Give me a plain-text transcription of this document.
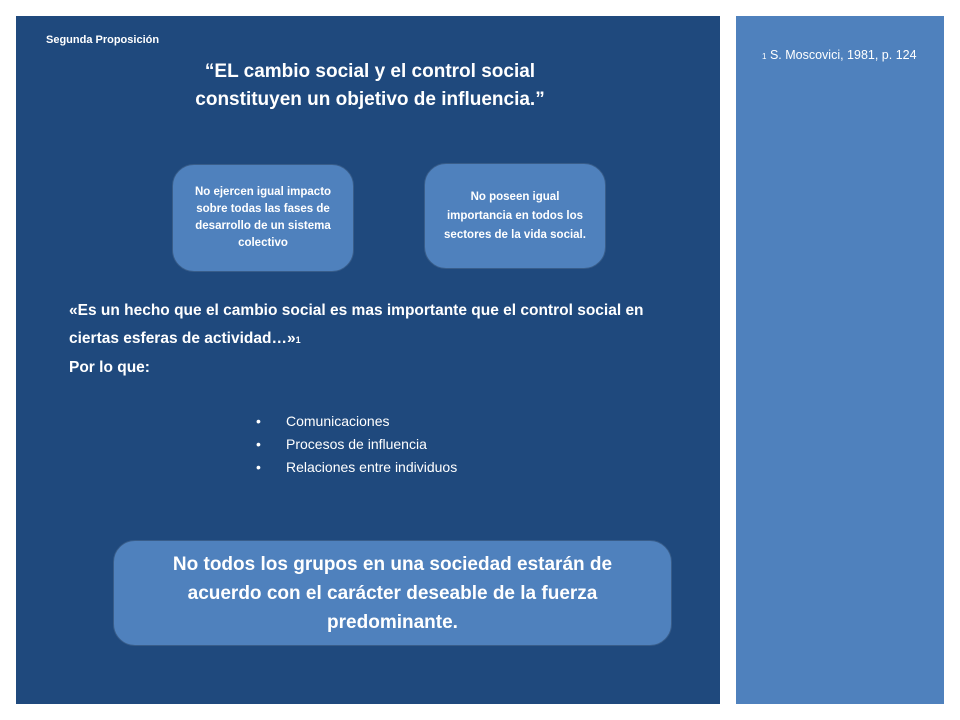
Segunda Proposición
“EL cambio social y el control social constituyen un objetivo de influencia.”
No ejercen igual impacto sobre todas las fases de desarrollo de un sistema colectivo
No poseen igual importancia en todos los sectores de la vida social.
«Es un hecho que el cambio social es mas importante que el control social en ciertas esferas de actividad…»1
Por lo que:
• Comunicaciones
• Procesos de influencia
• Relaciones entre individuos
No todos los grupos en una sociedad estarán de acuerdo con el carácter deseable de la fuerza predominante.
1 S. Moscovici, 1981, p. 124
